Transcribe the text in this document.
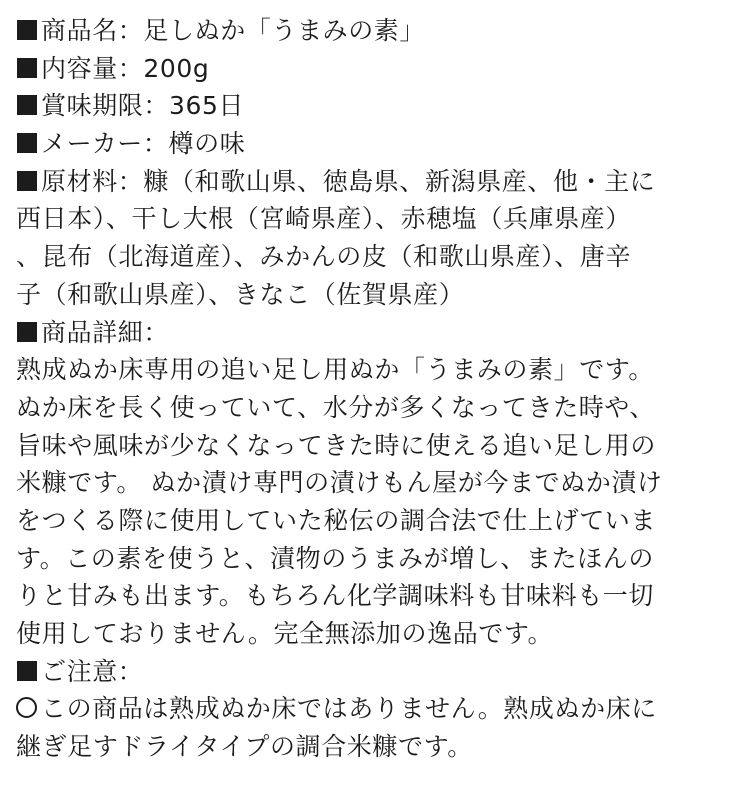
商品名：足しぬか「うまみの素」
内容量：200g
賞味期限：365日
メーカー：樽の味
原材料：糠（和歌山県、徳島県、新潟県産、他・主に
西日本）、干し大根（宮崎県産）、赤穂塩（兵庫県産）
、昆布（北海道産）、みかんの皮（和歌山県産）、唐辛
子（和歌山県産）、きなこ（佐賀県産）
商品詳細：
熟成ぬか床専用の追い足し用ぬか「うまみの素」です。
ぬか床を長く使っていて、水分が多くなってきた時や、
旨味や風味が少なくなってきた時に使える追い足し用の
米糠です。 ぬか漬け専門の漬けもん屋が今までぬか漬け
をつくる際に使用していた秘伝の調合法で仕上げていま
す。この素を使うと、漬物のうまみが増し、またほんの
りと甘みも出ます。もちろん化学調味料も甘味料も一切
使用しておりません。完全無添加の逸品です。
ご注意：
この商品は熟成ぬか床ではありません。熟成ぬか床に
継ぎ足すドライタイプの調合米糠です。
